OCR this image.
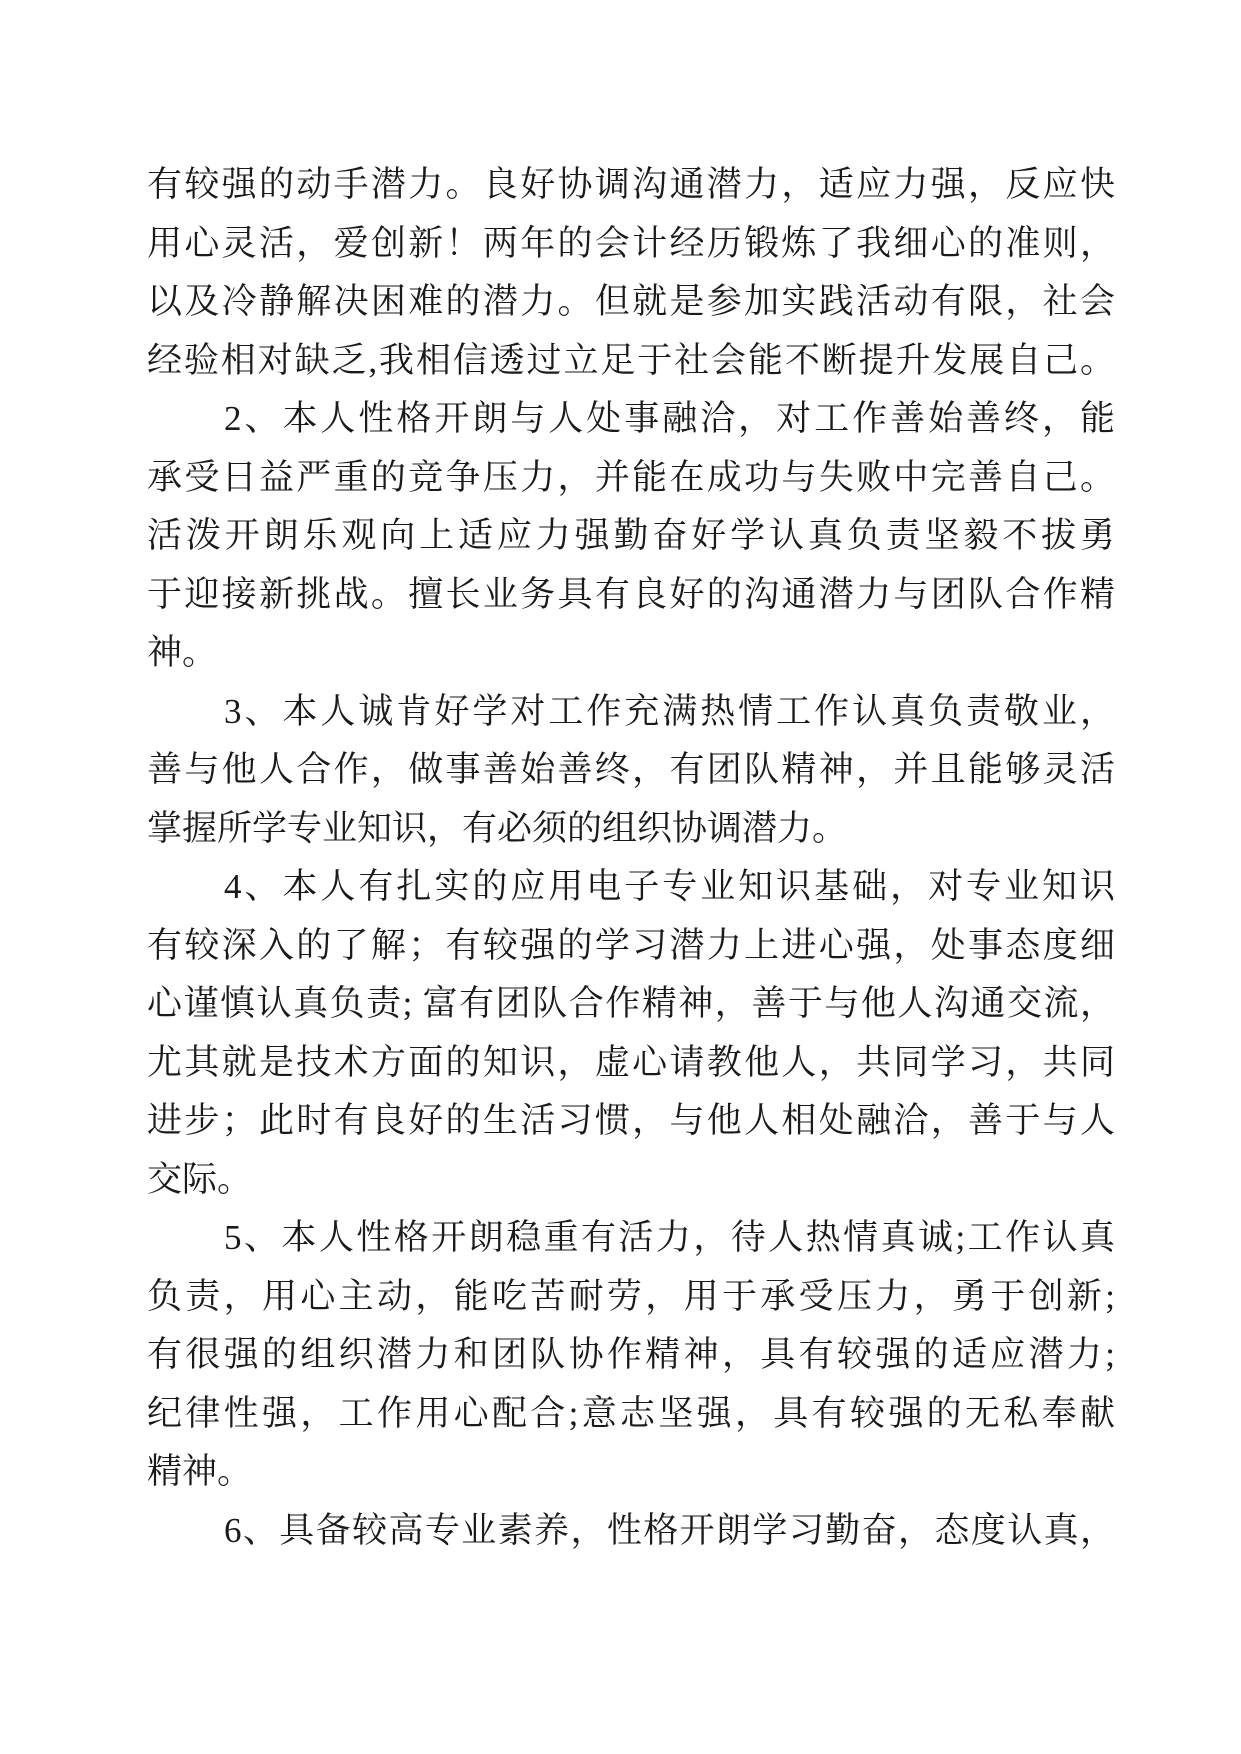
有较强的动手潜力。良好协调沟通潜力，适应力强，反应快
用心灵活，爱创新！两年的会计经历锻炼了我细心的准则，
以及冷静解决困难的潜力。但就是参加实践活动有限，社会
经验相对缺乏,我相信透过立足于社会能不断提升发展自己。
2、本人性格开朗与人处事融洽，对工作善始善终，能
承受日益严重的竞争压力，并能在成功与失败中完善自己。
活泼开朗乐观向上适应力强勤奋好学认真负责坚毅不拔勇
于迎接新挑战。擅长业务具有良好的沟通潜力与团队合作精
神。
3、本人诚肯好学对工作充满热情工作认真负责敬业，
善与他人合作，做事善始善终，有团队精神，并且能够灵活
掌握所学专业知识，有必须的组织协调潜力。
4、本人有扎实的应用电子专业知识基础，对专业知识
有较深入的了解；有较强的学习潜力上进心强，处事态度细
心谨慎认真负责; 富有团队合作精神，善于与他人沟通交流，
尤其就是技术方面的知识，虚心请教他人，共同学习，共同
进步；此时有良好的生活习惯，与他人相处融洽，善于与人
交际。
5、本人性格开朗稳重有活力，待人热情真诚;工作认真
负责，用心主动，能吃苦耐劳，用于承受压力，勇于创新;
有很强的组织潜力和团队协作精神，具有较强的适应潜力;
纪律性强，工作用心配合;意志坚强，具有较强的无私奉献
精神。
6、具备较高专业素养，性格开朗学习勤奋，态度认真，
